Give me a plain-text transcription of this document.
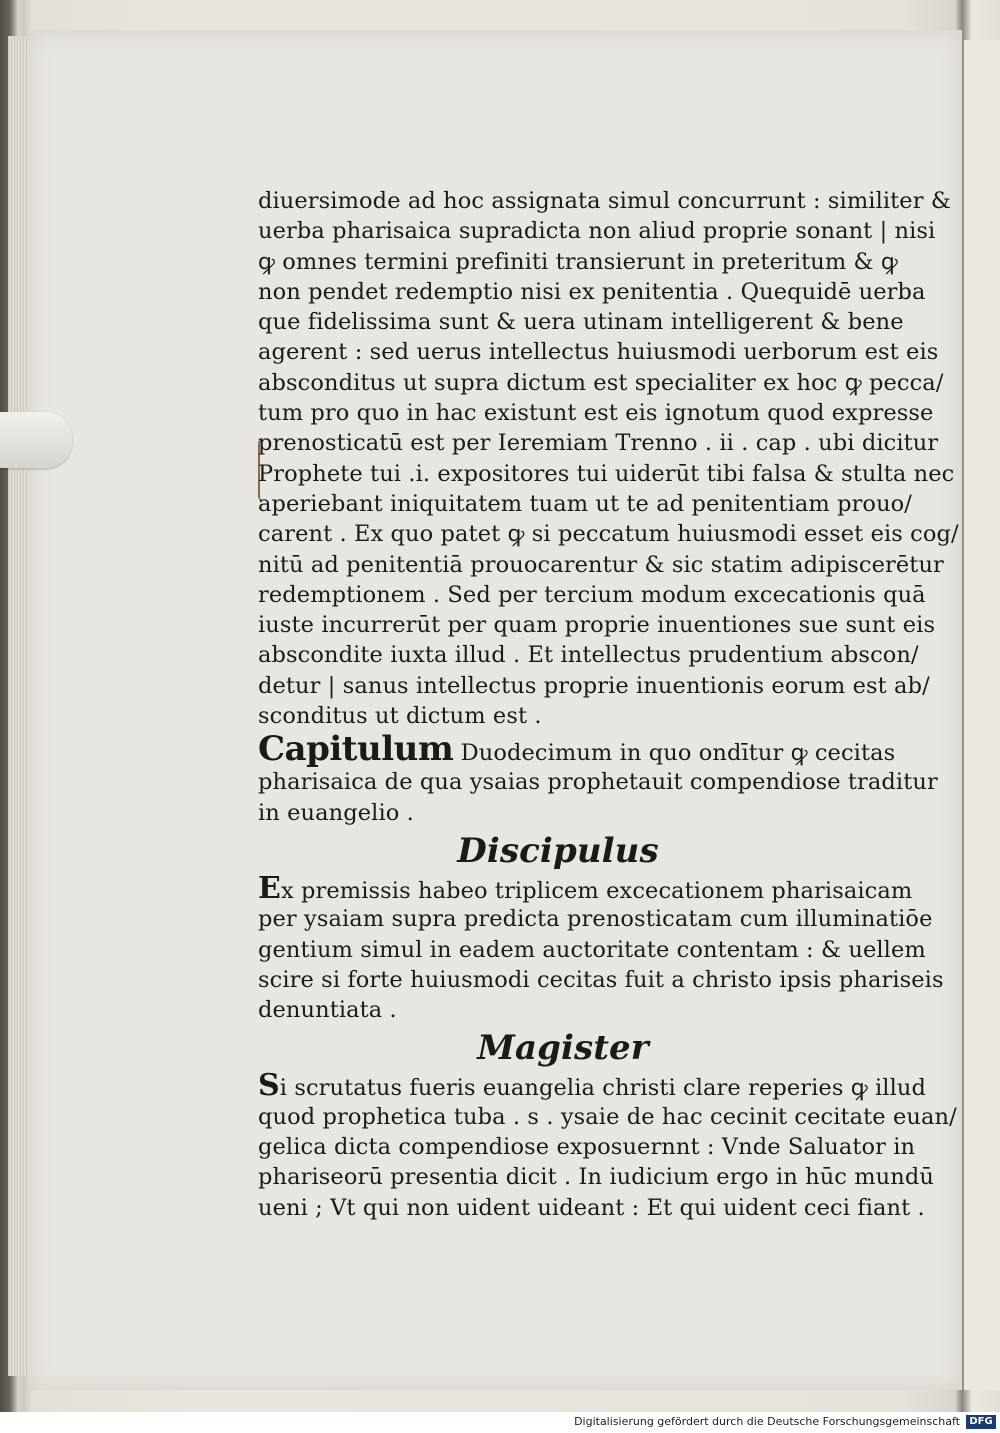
diuersimode ad hoc assignata simul concurrunt : similiter &
uerba pharisaica supradicta non aliud proprie sonant | nisi
ꝙ omnes termini prefiniti transierunt in preteritum & ꝙ
non pendet redemptio nisi ex penitentia . Quequidē uerba
que fidelissima sunt & uera utinam intelligerent & bene
agerent : sed uerus intellectus huiusmodi uerborum est eis
absconditus ut supra dictum est specialiter ex hoc ꝙ pecca/
tum pro quo in hac existunt est eis ignotum quod expresse
prenosticatū est per Ieremiam Trenno . ii . cap . ubi dicitur
Prophete tui .i. expositores tui uiderūt tibi falsa & stulta nec
aperiebant iniquitatem tuam ut te ad penitentiam prouo/
carent . Ex quo patet ꝙ si peccatum huiusmodi esset eis cog/
nitū ad penitentiā prouocarentur & sic statim adipiscerētur
redemptionem . Sed per tercium modum excecationis quā
iuste incurrerūt per quam proprie inuentiones sue sunt eis
abscondite iuxta illud . Et intellectus prudentium abscon/
detur | sanus intellectus proprie inuentionis eorum est ab/
sconditus ut dictum est .
Capitulum Duodecimum in quo ondītur ꝙ cecitas
pharisaica de qua ysaias prophetauit compendiose traditur
in euangelio .
Discipulus
Ex premissis habeo triplicem excecationem pharisaicam
per ysaiam supra predicta prenosticatam cum illuminatiōe
gentium simul in eadem auctoritate contentam : & uellem
scire si forte huiusmodi cecitas fuit a christo ipsis phariseis
denuntiata .
Magister
Si scrutatus fueris euangelia christi clare reperies ꝙ illud
quod prophetica tuba . s . ysaie de hac cecinit cecitate euan/
gelica dicta compendiose exposuernnt : Vnde Saluator in
phariseorū presentia dicit . In iudicium ergo in hūc mundū
ueni ; Vt qui non uident uideant : Et qui uident ceci fiant .
Digitalisierung gefördert durch die Deutsche Forschungsgemeinschaft DFG
